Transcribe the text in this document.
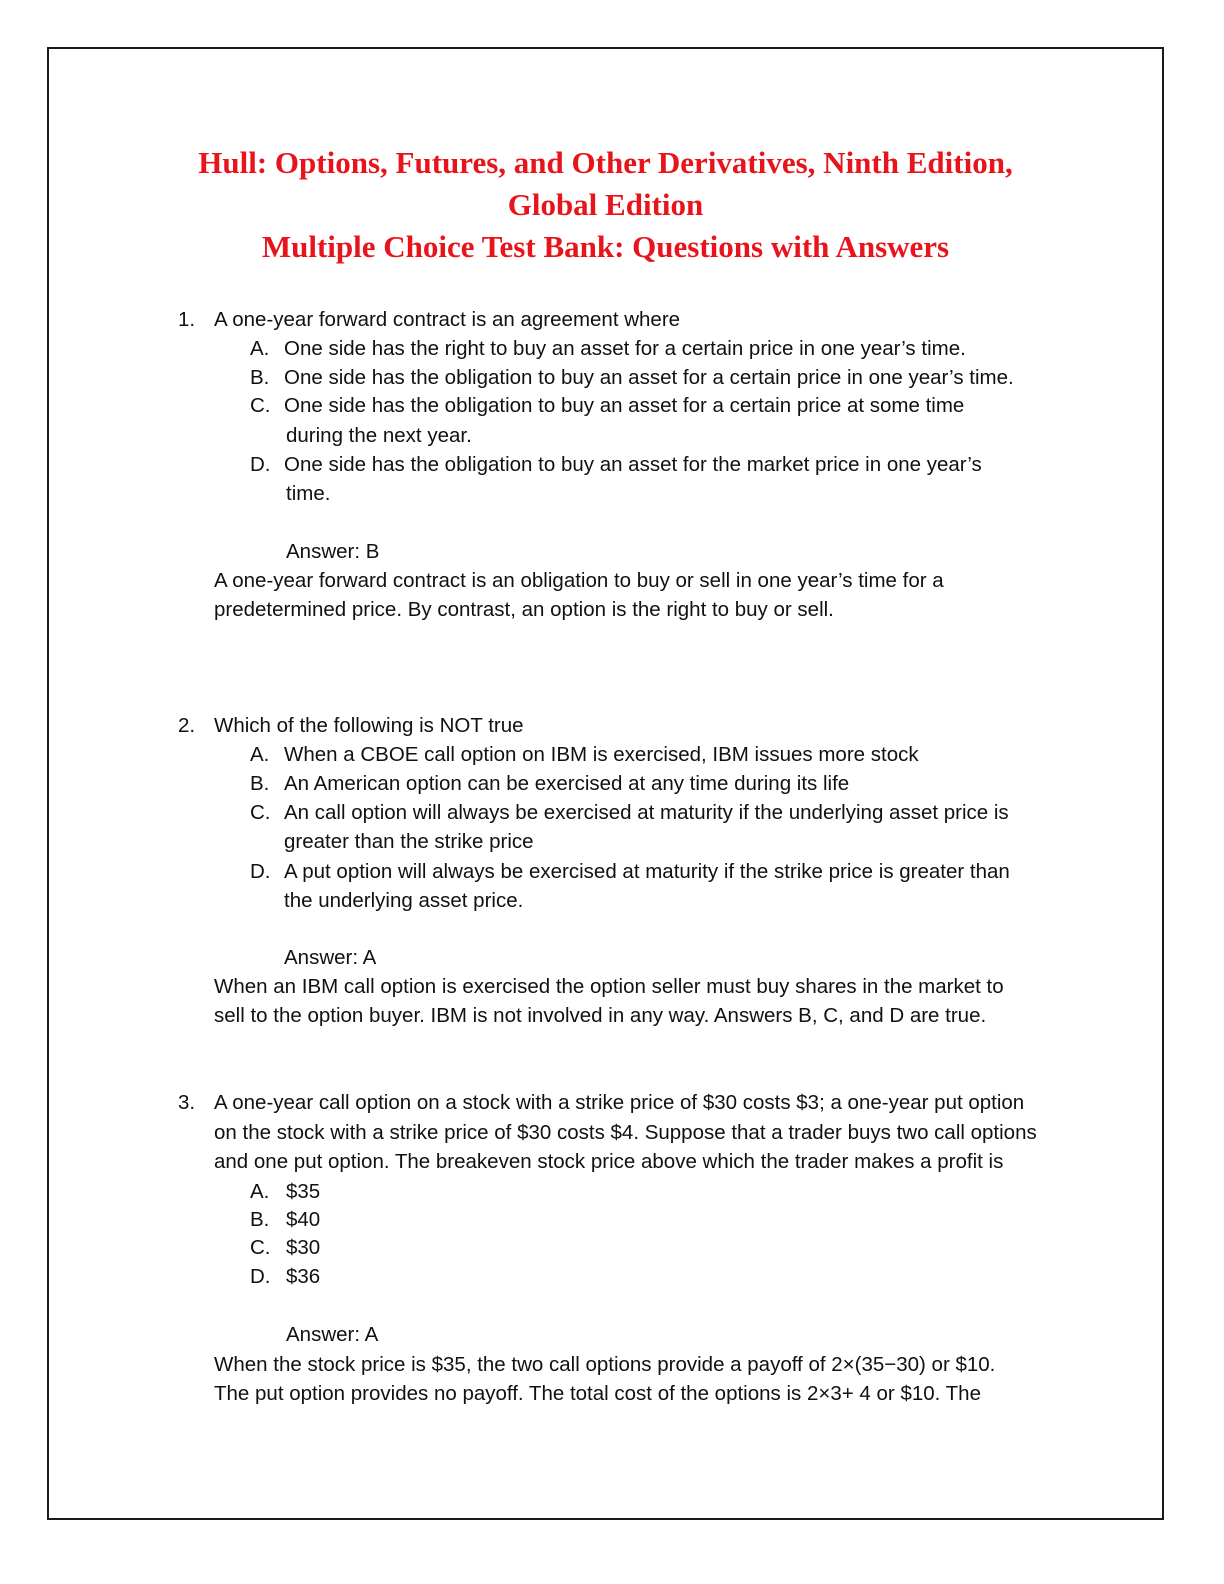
Hull: Options, Futures, and Other Derivatives, Ninth Edition,
Global Edition
Multiple Choice Test Bank: Questions with Answers
1. A one-year forward contract is an agreement where
A. One side has the right to buy an asset for a certain price in one year’s time.
B. One side has the obligation to buy an asset for a certain price in one year’s time.
C. One side has the obligation to buy an asset for a certain price at some time
during the next year.
D. One side has the obligation to buy an asset for the market price in one year’s
time.
Answer: B
A one-year forward contract is an obligation to buy or sell in one year’s time for a
predetermined price. By contrast, an option is the right to buy or sell.
2. Which of the following is NOT true
A. When a CBOE call option on IBM is exercised, IBM issues more stock
B. An American option can be exercised at any time during its life
C. An call option will always be exercised at maturity if the underlying asset price is
greater than the strike price
D. A put option will always be exercised at maturity if the strike price is greater than
the underlying asset price.
Answer: A
When an IBM call option is exercised the option seller must buy shares in the market to
sell to the option buyer. IBM is not involved in any way. Answers B, C, and D are true.
3. A one-year call option on a stock with a strike price of $30 costs $3; a one-year put option
on the stock with a strike price of $30 costs $4. Suppose that a trader buys two call options
and one put option. The breakeven stock price above which the trader makes a profit is
A. $35
B. $40
C. $30
D. $36
Answer: A
When the stock price is $35, the two call options provide a payoff of 2×(35−30) or $10.
The put option provides no payoff. The total cost of the options is 2×3+ 4 or $10. The
